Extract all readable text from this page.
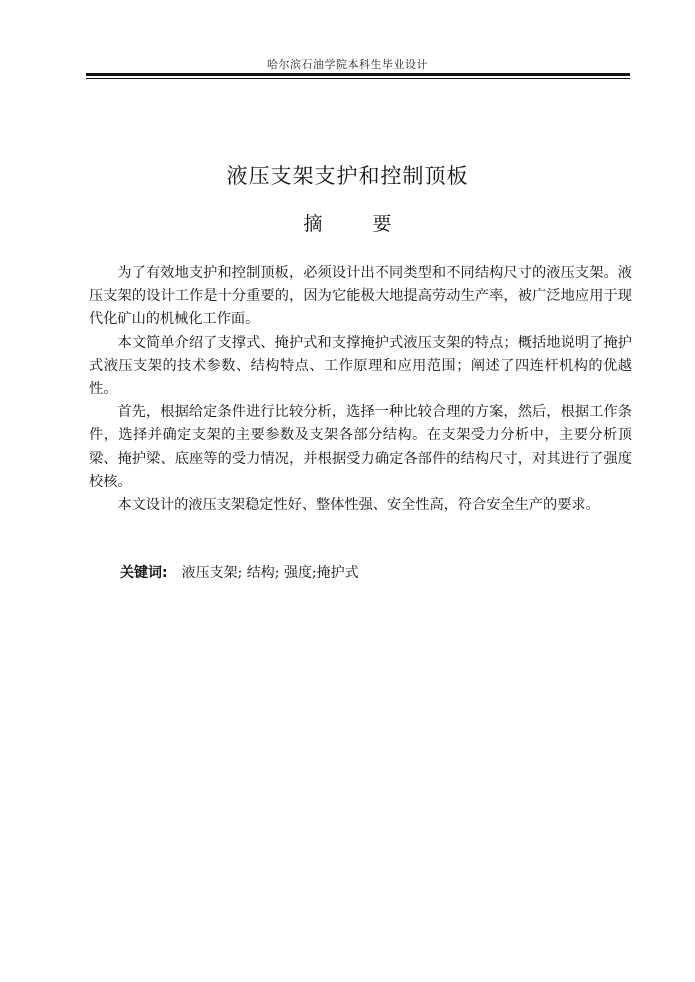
哈尔滨石油学院本科生毕业设计
液压支架支护和控制顶板
摘 要

为了有效地支护和控制顶板，必须设计出不同类型和不同结构尺寸的液压支架。液压支架的设计工作是十分重要的，因为它能极大地提高劳动生产率，被广泛地应用于现代化矿山的机械化工作面。

本文简单介绍了支撑式、掩护式和支撑掩护式液压支架的特点；概括地说明了掩护式液压支架的技术参数、结构特点、工作原理和应用范围；阐述了四连杆机构的优越性。

首先，根据给定条件进行比较分析，选择一种比较合理的方案，然后，根据工作条件，选择并确定支架的主要参数及支架各部分结构。在支架受力分析中，主要分析顶梁、掩护梁、底座等的受力情况，并根据受力确定各部件的结构尺寸，对其进行了强度校核。

本文设计的液压支架稳定性好、整体性强、安全性高，符合安全生产的要求。

关键词: 液压支架; 结构; 强度;掩护式
